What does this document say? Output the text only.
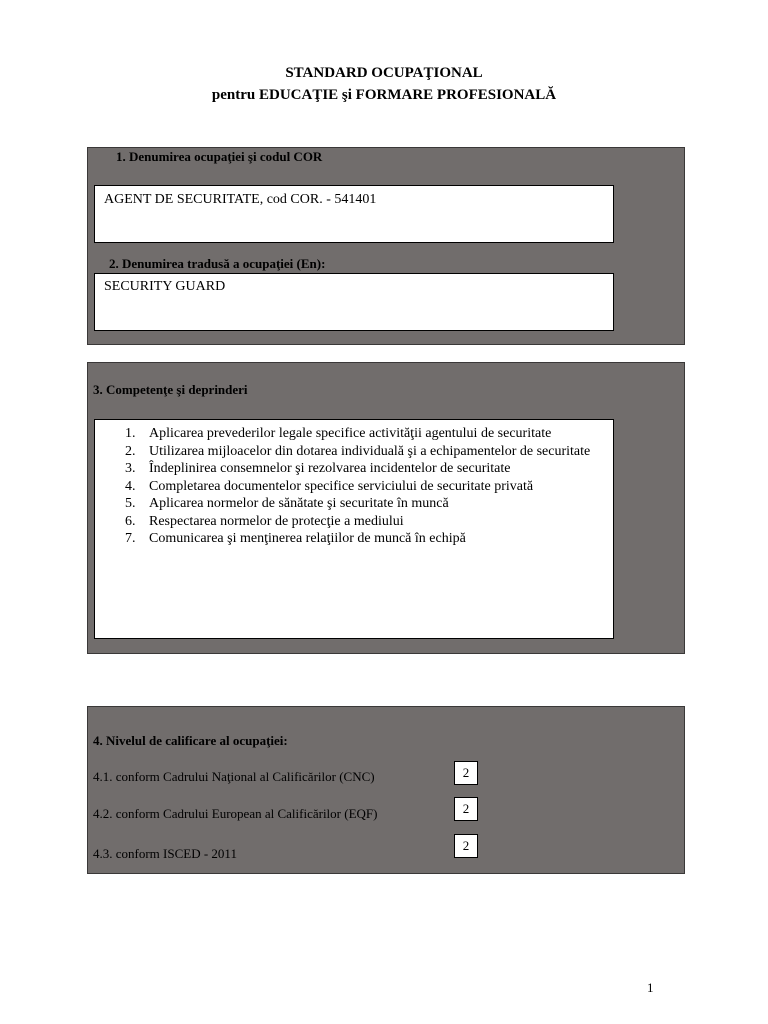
STANDARD OCUPAŢIONAL
pentru EDUCAŢIE şi FORMARE PROFESIONALĂ
1. Denumirea ocupaţiei şi codul COR
AGENT DE SECURITATE, cod COR. - 541401
2. Denumirea tradusă a ocupaţiei (En):
SECURITY GUARD
3. Competenţe şi deprinderi
1. Aplicarea prevederilor legale specifice activităţii agentului de securitate
2. Utilizarea mijloacelor din dotarea individuală şi a echipamentelor de securitate
3. Îndeplinirea consemnelor şi rezolvarea incidentelor de securitate
4. Completarea documentelor specifice serviciului de securitate privată
5. Aplicarea normelor de sănătate şi securitate în muncă
6. Respectarea normelor de protecţie a mediului
7. Comunicarea şi menţinerea relaţiilor de muncă în echipă
4. Nivelul de calificare al ocupaţiei:
4.1. conform Cadrului Naţional al Calificărilor (CNC)	2
4.2. conform Cadrului European al Calificărilor (EQF)	2
4.3. conform ISCED - 2011
2
1
